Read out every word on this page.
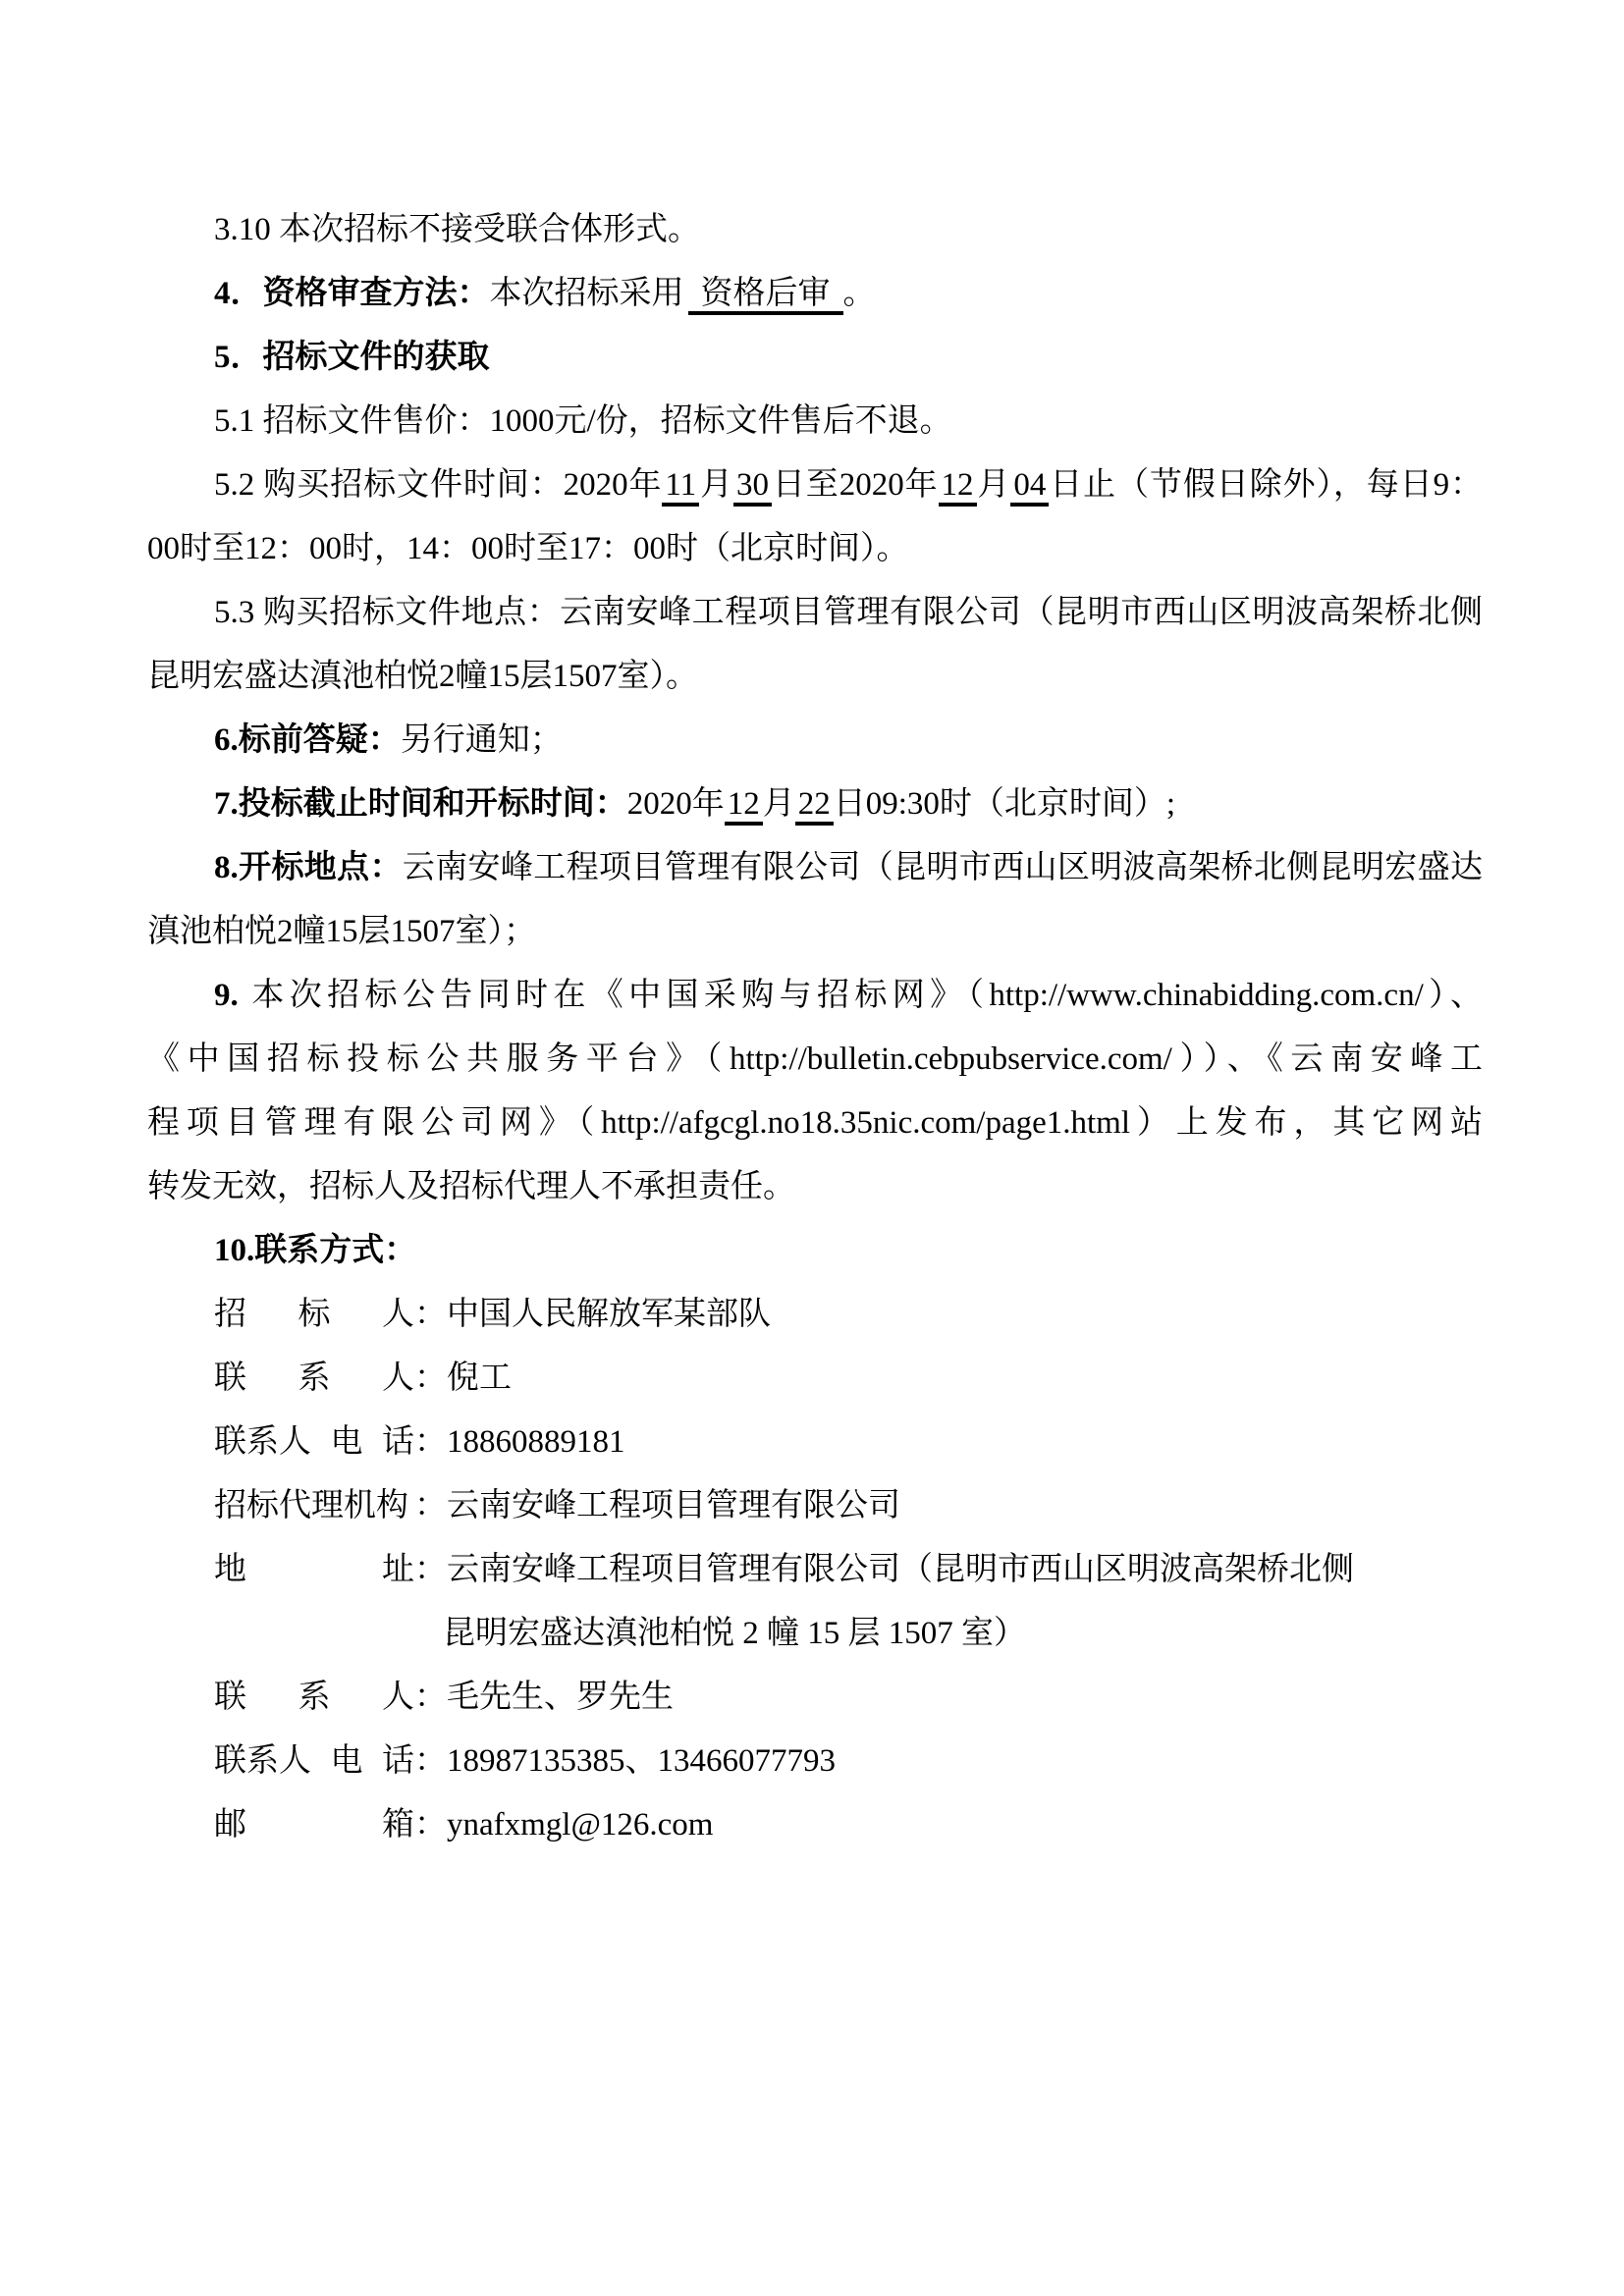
3.10 本次招标不接受联合体形式。
4．资格审查方法：本次招标采用 资格后审 。
5．招标文件的获取
5.1 招标文件售价：1000元/份，招标文件售后不退。
5.2 购买招标文件时间：2020年11月30日至2020年12月04日止（节假日除外），每日9：
00时至12：00时，14：00时至17：00时（北京时间）。
5.3 购买招标文件地点：云南安峰工程项目管理有限公司（昆明市西山区明波高架桥北侧
昆明宏盛达滇池柏悦2幢15层1507室）。
6.标前答疑：另行通知；
7.投标截止时间和开标时间：2020年12月22日09:30时（北京时间）;
8.开标地点：云南安峰工程项目管理有限公司（昆明市西山区明波高架桥北侧昆明宏盛达
滇池柏悦2幢15层1507室）；
9. 本次招标公告同时在《中国采购与招标网》（http://www.chinabidding.com.cn/）、
《中国招标投标公共服务平台》（http://bulletin.cebpubservice.com/））、《云南安峰工
程项目管理有限公司网》（http://afgcgl.no18.35nic.com/page1.html）上发布，其它网站
转发无效，招标人及招标代理人不承担责任。
10.联系方式：
招 标 人 ：中国人民解放军某部队
联 系 人 ：倪工
联系人 电 话 ：18860889181
招标代理机构 ：云南安峰工程项目管理有限公司
地	址 ：云南安峰工程项目管理有限公司（昆明市西山区明波高架桥北侧
昆明宏盛达滇池柏悦 2 幢 15 层 1507 室）
联 系 人 ：毛先生、罗先生
联系人 电 话 ：18987135385、13466077793
邮	箱 ：ynafxmgl@126.com
